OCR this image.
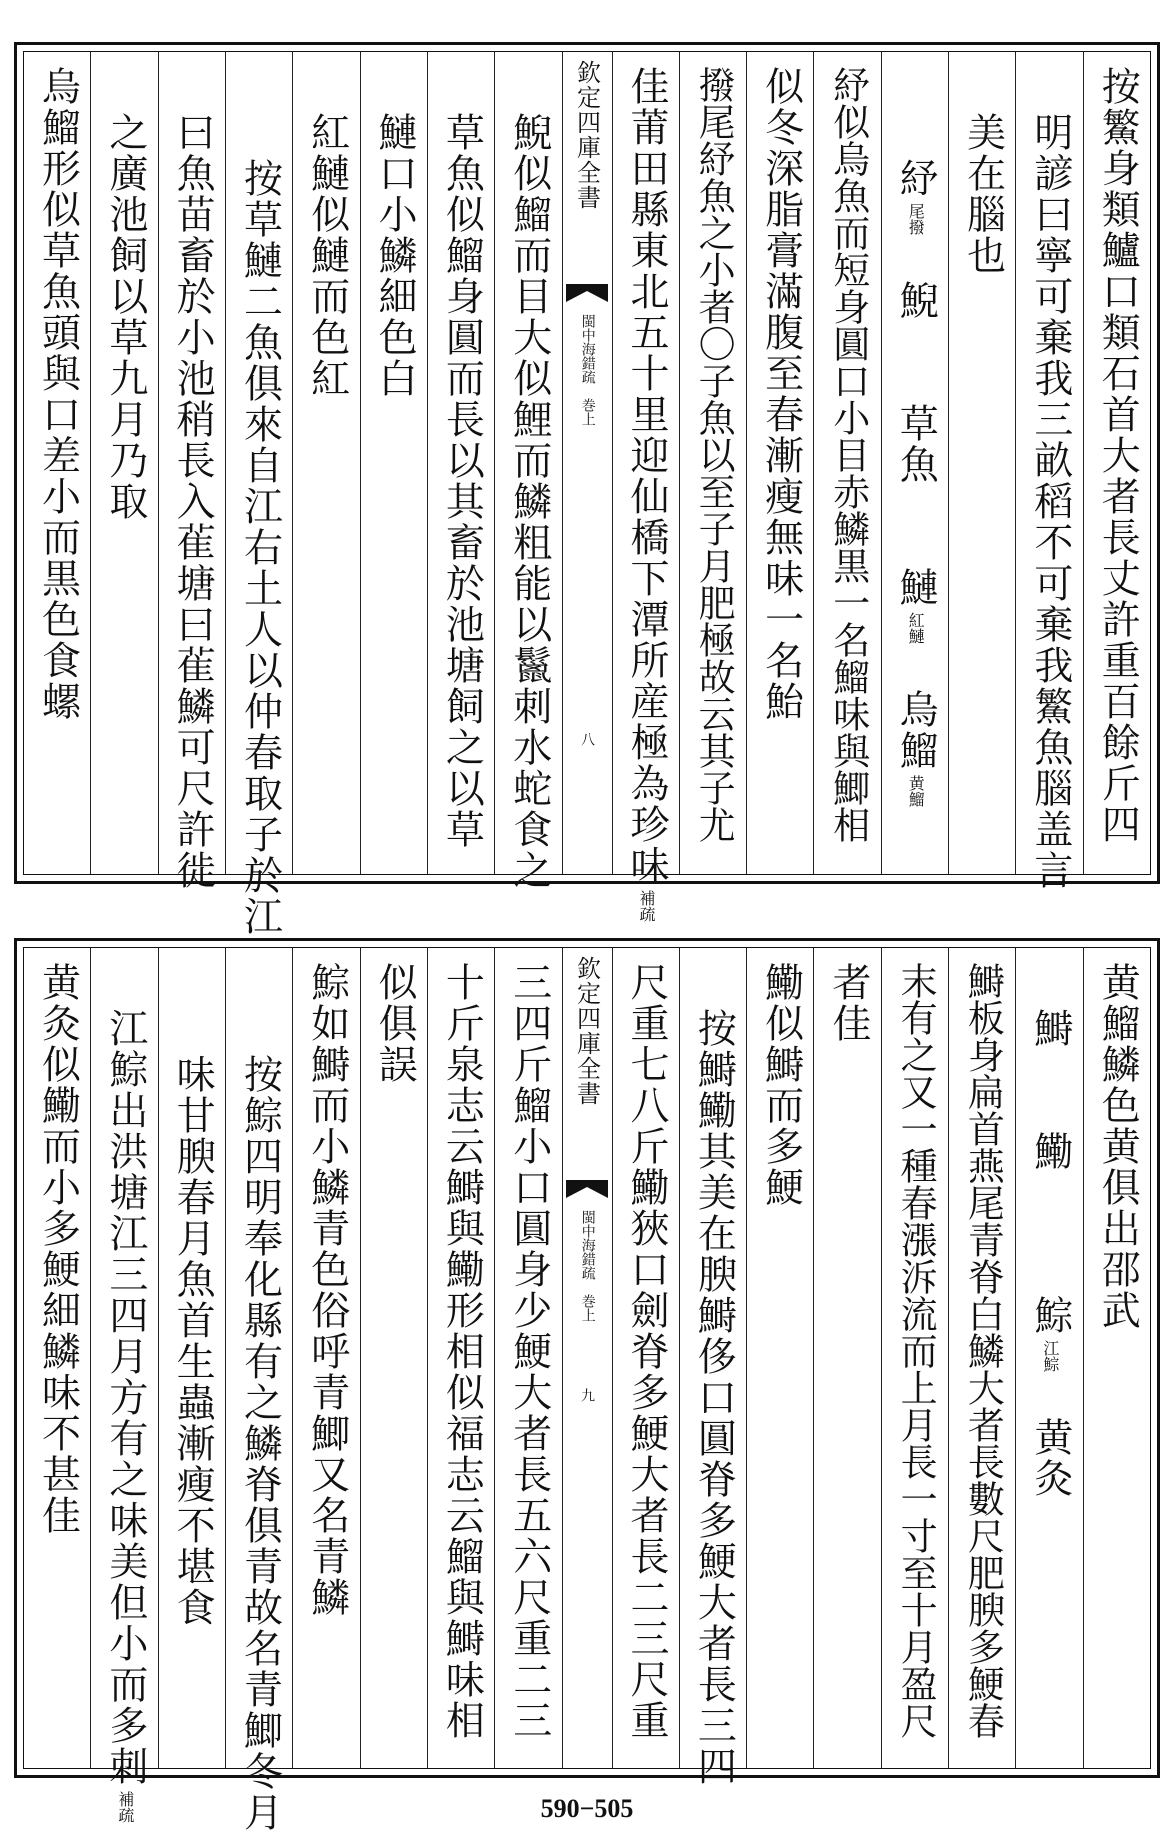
按鰵身類鱸口類石首大者長丈許重百餘斤四
明諺曰寧可棄我三畝稻不可棄我鰵魚腦盖言
美在腦也
紓尾撥　鯢　　草魚　　鰱紅鰱　烏鰡黄鰡
紓似烏魚而短身圓口小目赤鱗黒一名鰡味與鯽相
似冬深脂膏滿腹至春漸瘦無味一名鮐
撥尾紓魚之小者〇子魚以至子月肥極故云其子尤
佳莆田縣東北五十里迎仙橋下潭所産極為珍味補疏
欽定四庫全書
閩中海錯疏　巻上
八
鯢似鰡而目大似鯉而鱗粗能以鬣刺水蛇食之
草魚似鰡身圓而長以其畜於池塘飼之以草
鰱口小鱗細色白
紅鰱似鰱而色紅
按草鰱二魚俱來自江右土人以仲春取子於江
曰魚苗畜於小池稍長入雈塘曰雈鱗可尺許徙
之廣池飼以草九月乃取
烏鰡形似草魚頭與口差小而黒色食螺
黄鰡鱗色黄俱出邵武
鰣　　鰳　　　鯮江鯮　黄灸
鰣板身扁首燕尾青脊白鱗大者長數尺肥腴多鯁春
末有之又一種春漲泝流而上月長一寸至十月盈尺
者佳
鰳似鰣而多鯁
按鰣鰳其美在腴鰣侈口圓脊多鯁大者長三四
尺重七八斤鰳狹口劍脊多鯁大者長二三尺重
欽定四庫全書
閩中海錯疏　巻上
九
三四斤鰡小口圓身少鯁大者長五六尺重二三
十斤泉志云鰣與鰳形相似福志云鰡與鰣味相
似俱誤
鯮如鰣而小鱗青色俗呼青鯽又名青鱗
按鯮四明奉化縣有之鱗脊俱青故名青鯽冬月
味甘腴春月魚首生蟲漸瘦不堪食
江鯮出洪塘江三四月方有之味美但小而多刺補疏
黄灸似鰳而小多鯁細鱗味不甚佳
590−505
